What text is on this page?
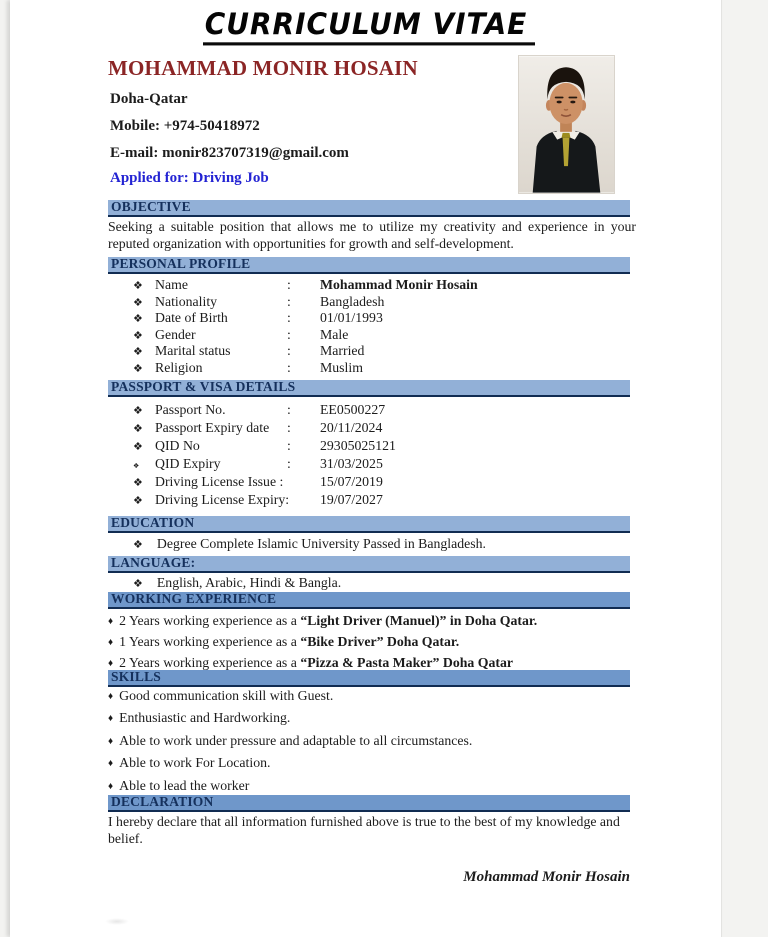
CURRICULUM VITAE
MOHAMMAD MONIR HOSAIN
Doha-Qatar
Mobile: +974-50418972
E-mail: monir823707319@gmail.com
Applied for: Driving Job
OBJECTIVE

Seeking a suitable position that allows me to utilize my creativity and experience in your reputed organization with opportunities for growth and self-development.

PERSONAL PROFILE
❖ Name	:	Mohammad Monir Hosain
❖ Nationality	:	Bangladesh
❖ Date of Birth	:	01/01/1993
❖ Gender	:	Male
❖ Marital status	:	Married
❖ Religion	:	Muslim
PASSPORT & VISA DETAILS
❖ Passport No.	:	EE0500227
❖ Passport Expiry date	:	20/11/2024
❖ QID No	:	29305025121
❖	QID Expiry	:	31/03/2025
❖ Driving License Issue :	15/07/2019
❖ Driving License Expiry: 19/07/2027
EDUCATION
❖ Degree Complete Islamic University Passed in Bangladesh.
LANGUAGE:
❖ English, Arabic, Hindi & Bangla.
WORKING EXPERIENCE
♦ 2 Years working experience as a “Light Driver (Manuel)” in Doha Qatar.
♦ 1 Years working experience as a “Bike Driver” Doha Qatar.
♦ 2 Years working experience as a “Pizza & Pasta Maker” Doha Qatar
SKILLS
♦ Good communication skill with Guest.
♦ Enthusiastic and Hardworking.
♦ Able to work under pressure and adaptable to all circumstances.
♦ Able to work For Location.
♦ Able to lead the worker
DECLARATION

I hereby declare that all information furnished above is true to the best of my knowledge and belief.

Mohammad Monir Hosain
